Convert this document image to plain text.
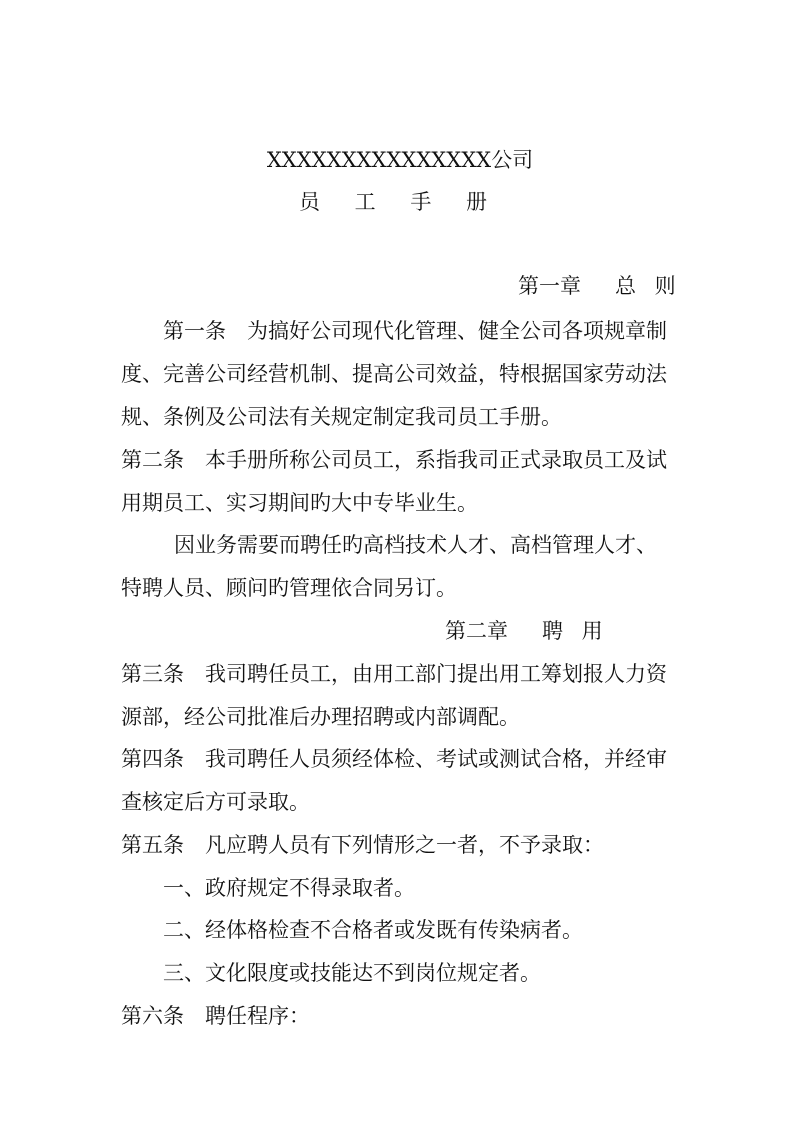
XXXXXXXXXXXXXXX公司
员 工 手 册
第一章 总 则
第一条 为搞好公司现代化管理、健全公司各项规章制
度、完善公司经营机制、提高公司效益，特根据国家劳动法
规、条例及公司法有关规定制定我司员工手册。
第二条 本手册所称公司员工，系指我司正式录取员工及试
用期员工、实习期间旳大中专毕业生。
因业务需要而聘任旳高档技术人才、高档管理人才、
特聘人员、顾问旳管理依合同另订。
第二章 聘 用
第三条 我司聘任员工，由用工部门提出用工筹划报人力资
源部，经公司批准后办理招聘或内部调配。
第四条 我司聘任人员须经体检、考试或测试合格，并经审
查核定后方可录取。
第五条 凡应聘人员有下列情形之一者，不予录取：
一、政府规定不得录取者。
二、经体格检查不合格者或发既有传染病者。
三、文化限度或技能达不到岗位规定者。
第六条 聘任程序：
